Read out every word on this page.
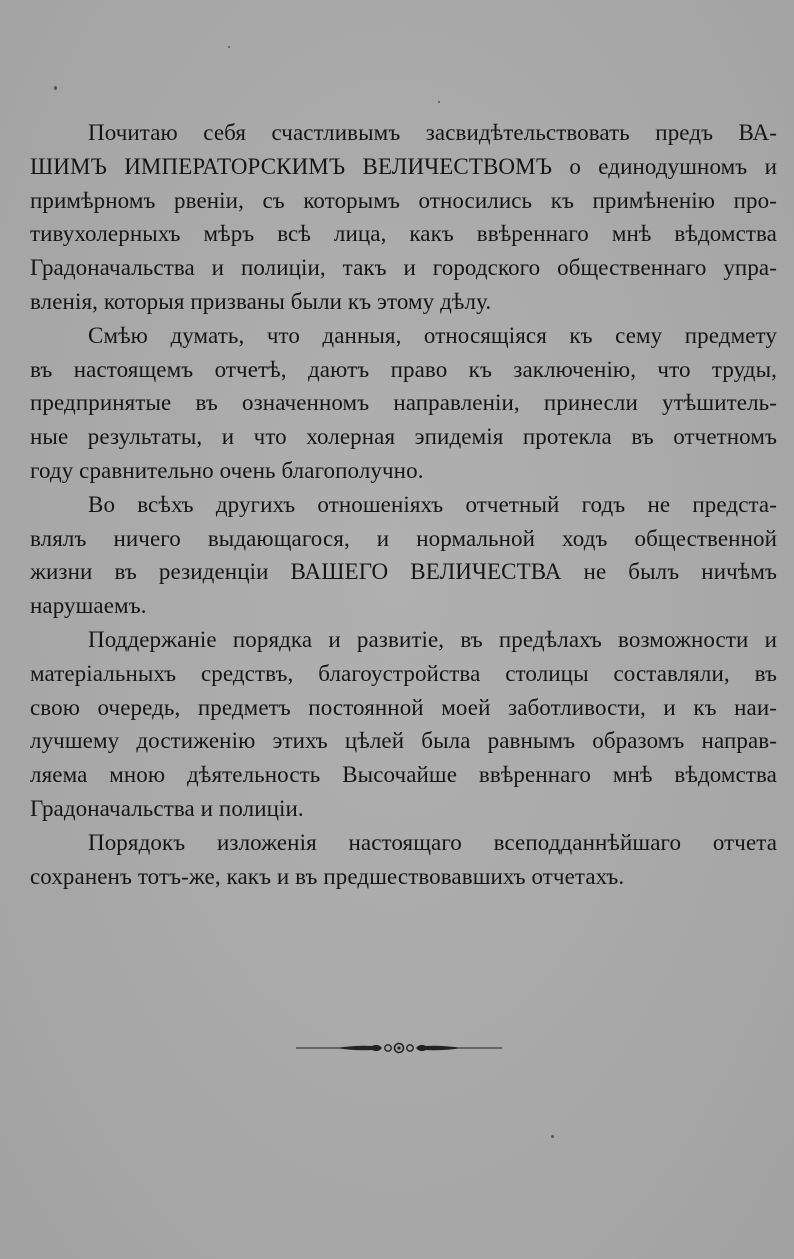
Почитаю себя счастливымъ засвидѣтельствовать предъ ВА-
ШИМЪ ИМПЕРАТОРСКИМЪ ВЕЛИЧЕСТВОМЪ о единодушномъ и
примѣрномъ рвеніи, съ которымъ относились къ примѣненію про-
тивухолерныхъ мѣръ всѣ лица, какъ ввѣреннаго мнѣ вѣдомства
Градоначальства и полиціи, такъ и городского общественнаго упра-
вленія, которыя призваны были къ этому дѣлу.
Смѣю думать, что данныя, относящіяся къ сему предмету
въ настоящемъ отчетѣ, даютъ право къ заключенію, что труды,
предпринятые въ означенномъ направленіи, принесли утѣшитель-
ные результаты, и что холерная эпидемія протекла въ отчетномъ
году сравнительно очень благополучно.
Во всѣхъ другихъ отношеніяхъ отчетный годъ не предста-
влялъ ничего выдающагося, и нормальной ходъ общественной
жизни въ резиденціи ВАШЕГО ВЕЛИЧЕСТВА не былъ ничѣмъ
нарушаемъ.
Поддержаніе порядка и развитіе, въ предѣлахъ возможности и
матеріальныхъ средствъ, благоустройства столицы составляли, въ
свою очередь, предметъ постоянной моей заботливости, и къ наи-
лучшему достиженію этихъ цѣлей была равнымъ образомъ направ-
ляема мною дѣятельность Высочайше ввѣреннаго мнѣ вѣдомства
Градоначальства и полиціи.
Порядокъ изложенія настоящаго всеподданнѣйшаго отчета
сохраненъ тотъ-же, какъ и въ предшествовавшихъ отчетахъ.
